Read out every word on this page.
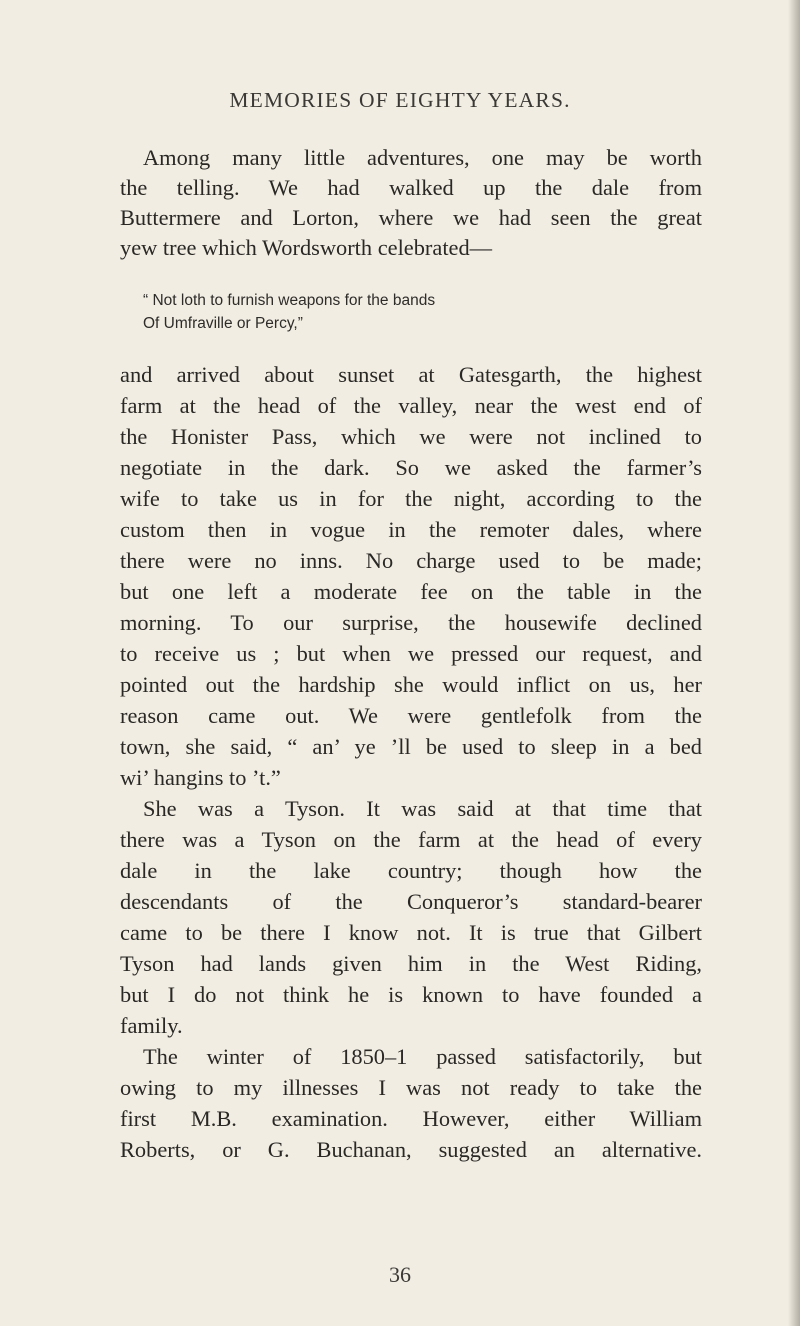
MEMORIES OF EIGHTY YEARS.
Among many little adventures, one may be worth
the telling. We had walked up the dale from
Buttermere and Lorton, where we had seen the great
yew tree which Wordsworth celebrated—
“ Not loth to furnish weapons for the bands
Of Umfraville or Percy,”
and arrived about sunset at Gatesgarth, the highest
farm at the head of the valley, near the west end of
the Honister Pass, which we were not inclined to
negotiate in the dark. So we asked the farmer’s
wife to take us in for the night, according to the
custom then in vogue in the remoter dales, where
there were no inns. No charge used to be made;
but one left a moderate fee on the table in the
morning. To our surprise, the housewife declined
to receive us ; but when we pressed our request, and
pointed out the hardship she would inflict on us, her
reason came out. We were gentlefolk from the
town, she said, “ an’ ye ’ll be used to sleep in a bed
wi’ hangins to ’t.”
She was a Tyson. It was said at that time that
there was a Tyson on the farm at the head of every
dale in the lake country; though how the
descendants of the Conqueror’s standard-bearer
came to be there I know not. It is true that Gilbert
Tyson had lands given him in the West Riding,
but I do not think he is known to have founded a
family.
The winter of 1850–1 passed satisfactorily, but
owing to my illnesses I was not ready to take the
first M.B. examination. However, either William
Roberts, or G. Buchanan, suggested an alternative.
36
